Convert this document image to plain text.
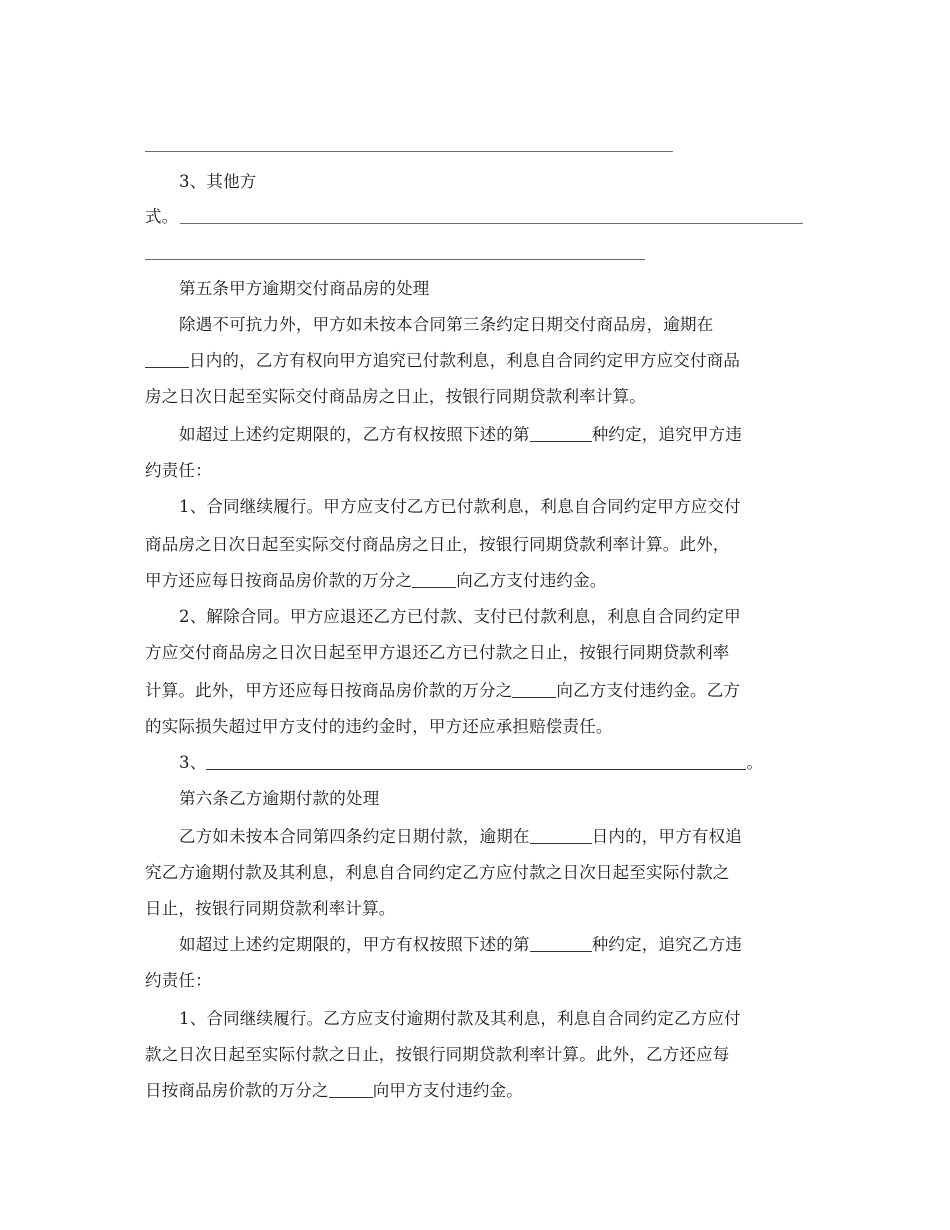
3、其他方
式。
第五条甲方逾期交付商品房的处理
除遇不可抗力外，甲方如未按本合同第三条约定日期交付商品房，逾期在
日内的，乙方有权向甲方追究已付款利息，利息自合同约定甲方应交付商品
房之日次日起至实际交付商品房之日止，按银行同期贷款利率计算。
如超过上述约定期限的，乙方有权按照下述的第	种约定，追究甲方违
约责任：
1、合同继续履行。甲方应支付乙方已付款利息，利息自合同约定甲方应交付
商品房之日次日起至实际交付商品房之日止，按银行同期贷款利率计算。此外，
甲方还应每日按商品房价款的万分之	向乙方支付违约金。
2、解除合同。甲方应退还乙方已付款、支付已付款利息，利息自合同约定甲
方应交付商品房之日次日起至甲方退还乙方已付款之日止，按银行同期贷款利率
计算。此外，甲方还应每日按商品房价款的万分之	向乙方支付违约金。乙方
的实际损失超过甲方支付的违约金时，甲方还应承担赔偿责任。
3、	。
第六条乙方逾期付款的处理
乙方如未按本合同第四条约定日期付款，逾期在	日内的，甲方有权追
究乙方逾期付款及其利息，利息自合同约定乙方应付款之日次日起至实际付款之
日止，按银行同期贷款利率计算。
如超过上述约定期限的，甲方有权按照下述的第	种约定，追究乙方违
约责任：
1、合同继续履行。乙方应支付逾期付款及其利息，利息自合同约定乙方应付
款之日次日起至实际付款之日止，按银行同期贷款利率计算。此外，乙方还应每
日按商品房价款的万分之	向甲方支付违约金。
